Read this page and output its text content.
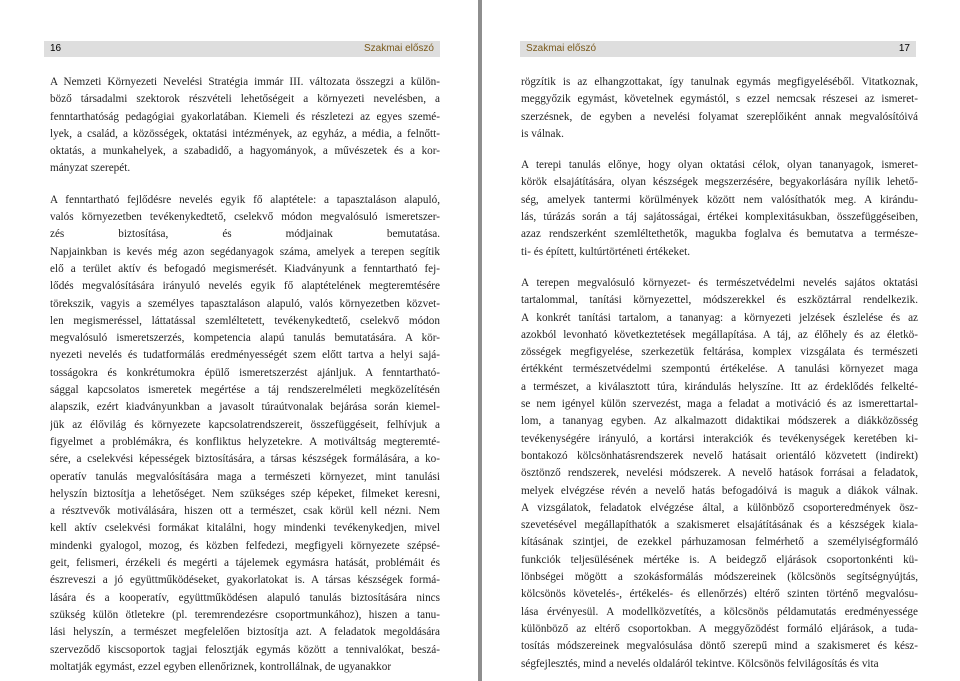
16	Szakmai előszó
A Nemzeti Környezeti Nevelési Stratégia immár III. változata összegzi a külön-
böző társadalmi szektorok részvételi lehetőségeit a környezeti nevelésben, a
fenntarthatóság pedagógiai gyakorlatában. Kiemeli és részletezi az egyes szemé-
lyek, a család, a közösségek, oktatási intézmények, az egyház, a média, a felnőtt-
oktatás, a munkahelyek, a szabadidő, a hagyományok, a művészetek és a kor-
mányzat szerepét.
A fenntartható fejlődésre nevelés egyik fő alaptétele: a tapasztaláson alapuló,
valós környezetben tevékenykedtető, cselekvő módon megvalósuló ismeretszer-
zés biztosítása, és módjainak bemutatása.
Napjainkban is kevés még azon segédanyagok száma, amelyek a terepen segítik
elő a terület aktív és befogadó megismerését. Kiadványunk a fenntartható fej-
lődés megvalósítására irányuló nevelés egyik fő alaptételének megteremtésére
törekszik, vagyis a személyes tapasztaláson alapuló, valós környezetben közvet-
len megismeréssel, láttatással szemléltetett, tevékenykedtető, cselekvő módon
megvalósuló ismeretszerzés, kompetencia alapú tanulás bemutatására. A kör-
nyezeti nevelés és tudatformálás eredményességét szem előtt tartva a helyi sajá-
tosságokra és konkrétumokra épülő ismeretszerzést ajánljuk. A fenntartható-
sággal kapcsolatos ismeretek megértése a táj rendszerelméleti megközelítésén
alapszik, ezért kiadványunkban a javasolt túraútvonalak bejárása során kiemel-
jük az élővilág és környezete kapcsolatrendszereit, összefüggéseit, felhívjuk a
figyelmet a problémákra, és konfliktus helyzetekre. A motiváltság megteremté-
sére, a cselekvési képességek biztosítására, a társas készségek formálására, a ko-
operatív tanulás megvalósítására maga a természeti környezet, mint tanulási
helyszín biztosítja a lehetőséget. Nem szükséges szép képeket, filmeket keresni,
a résztvevők motiválására, hiszen ott a természet, csak körül kell nézni. Nem
kell aktív cselekvési formákat kitalálni, hogy mindenki tevékenykedjen, mivel
mindenki gyalogol, mozog, és közben felfedezi, megfigyeli környezete szépsé-
geit, felismeri, érzékeli és megérti a tájelemek egymásra hatását, problémáit és
észreveszi a jó együttműködéseket, gyakorlatokat is. A társas készségek formá-
lására és a kooperatív, együttműködésen alapuló tanulás biztosítására nincs
szükség külön ötletekre (pl. teremrendezésre csoportmunkához), hiszen a tanu-
lási helyszín, a természet megfelelően biztosítja azt. A feladatok megoldására
szerveződő kiscsoportok tagjai felosztják egymás között a tennivalókat, beszá-
moltatják egymást, ezzel egyben ellenőriznek, kontrollálnak, de ugyanakkor
Szakmai előszó	17
rögzítik is az elhangzottakat, így tanulnak egymás megfigyeléséből. Vitatkoznak,
meggyőzik egymást, követelnek egymástól, s ezzel nemcsak részesei az ismeret-
szerzésnek, de egyben a nevelési folyamat szereplőiként annak megvalósítóivá
is válnak.
A terepi tanulás előnye, hogy olyan oktatási célok, olyan tananyagok, ismeret-
körök elsajátítására, olyan készségek megszerzésére, begyakorlására nyílik lehető-
ség, amelyek tantermi körülmények között nem valósíthatók meg. A kirándu-
lás, túrázás során a táj sajátosságai, értékei komplexitásukban, összefüggéseiben,
azaz rendszerként szemléltethetők, magukba foglalva és bemutatva a természe-
ti- és épített, kultúrtörténeti értékeket.
A terepen megvalósuló környezet- és természetvédelmi nevelés sajátos oktatási
tartalommal, tanítási környezettel, módszerekkel és eszköztárral rendelkezik.
A konkrét tanítási tartalom, a tananyag: a környezeti jelzések észlelése és az
azokból levonható következtetések megállapítása. A táj, az élőhely és az életkö-
zösségek megfigyelése, szerkezetük feltárása, komplex vizsgálata és természeti
értékként természetvédelmi szempontú értékelése. A tanulási környezet maga
a természet, a kiválasztott túra, kirándulás helyszíne. Itt az érdeklődés felkelté-
se nem igényel külön szervezést, maga a feladat a motiváció és az ismerettartal-
lom, a tananyag egyben. Az alkalmazott didaktikai módszerek a diákközösség
tevékenységére irányuló, a kortársi interakciók és tevékenységek keretében ki-
bontakozó kölcsönhatásrendszerek nevelő hatásait orientáló közvetett (indirekt)
ösztönző rendszerek, nevelési módszerek. A nevelő hatások forrásai a feladatok,
melyek elvégzése révén a nevelő hatás befogadóivá is maguk a diákok válnak.
A vizsgálatok, feladatok elvégzése által, a különböző csoporteredmények ösz-
szevetésével megállapíthatók a szakismeret elsajátításának és a készségek kiala-
kításának szintjei, de ezekkel párhuzamosan felmérhető a személyiségformáló
funkciók teljesülésének mértéke is. A beidegző eljárások csoportonkénti kü-
lönbségei mögött a szokásformálás módszereinek (kölcsönös segítségnyújtás,
kölcsönös követelés-, értékelés- és ellenőrzés) eltérő szinten történő megvalósu-
lása érvényesül. A modellközvetítés, a kölcsönös példamutatás eredményessége
különböző az eltérő csoportokban. A meggyőzödést formáló eljárások, a tuda-
tosítás módszereinek megvalósulása döntő szerepű mind a szakismeret és kész-
ségfejlesztés, mind a nevelés oldaláról tekintve. Kölcsönös felvilágosítás és vita
